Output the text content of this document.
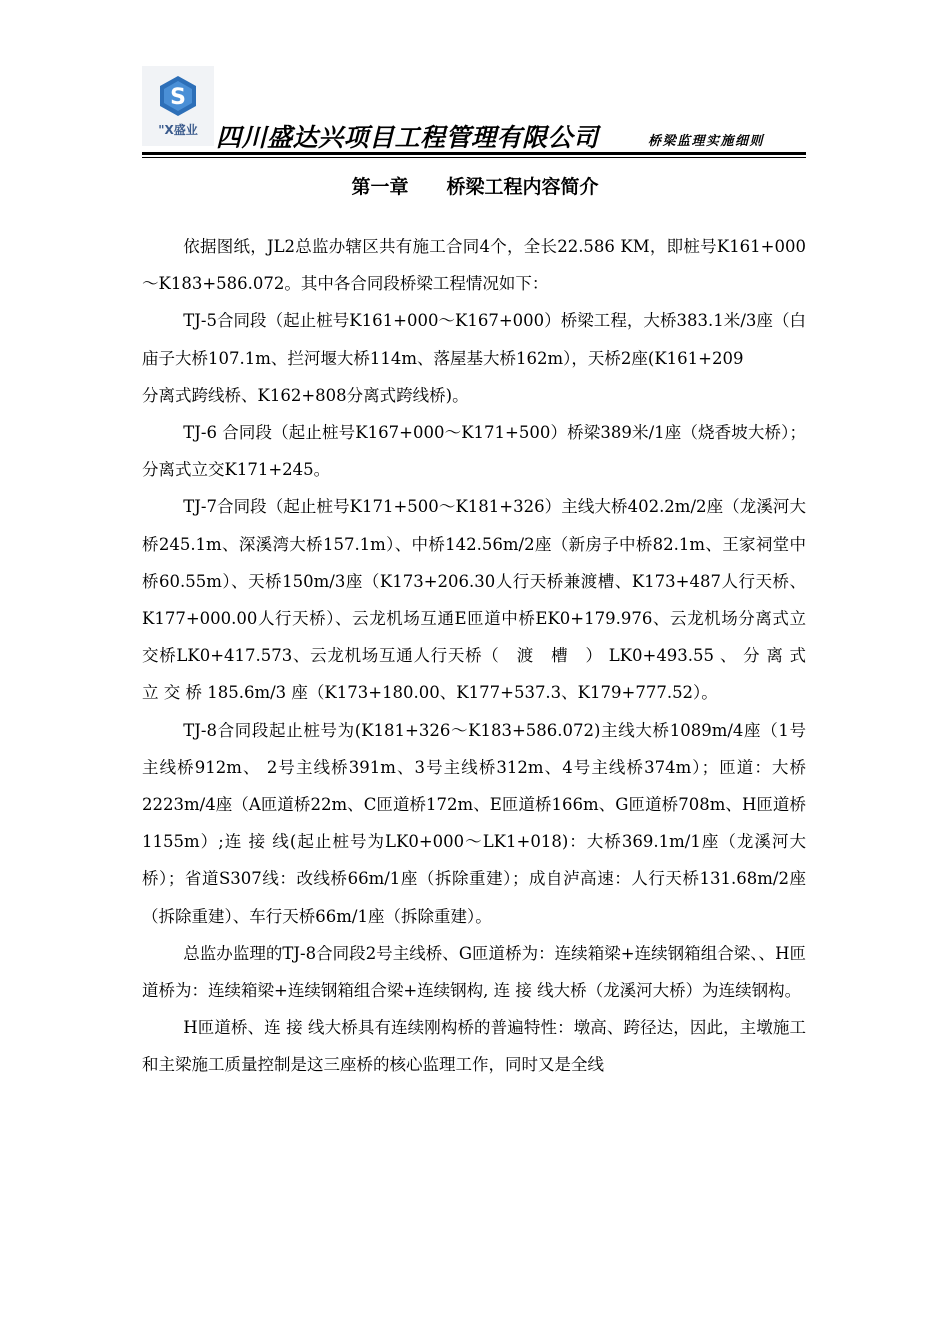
S
"X盛业 四川盛达兴项目工程管理有限公司	桥梁监理实施细则
第一章　　桥梁工程内容简介

依据图纸，JL2总监办辖区共有施工合同4个，全长22.586 KM，即桩号K161+000～K183+586.072。其中各合同段桥梁工程情况如下：

TJ-5合同段（起止桩号K161+000～K167+000）桥梁工程，大桥383.1米/3座（白庙子大桥107.1m、拦河堰大桥114m、落屋基大桥162m），天桥2座(K161+209

分离式跨线桥、K162+808分离式跨线桥)。

TJ-6 合同段（起止桩号K167+000～K171+500）桥梁389米/1座（烧香坡大桥）；分离式立交K171+245。

TJ-7合同段（起止桩号K171+500～K181+326）主线大桥402.2m/2座（龙溪河大桥245.1m、深溪湾大桥157.1m）、中桥142.56m/2座（新房子中桥82.1m、王家祠堂中桥60.55m）、天桥150m/3座（K173+206.30人行天桥兼渡槽、K173+487人行天桥、K177+000.00人行天桥）、云龙机场互通E匝道中桥EK0+179.976、云龙机场分离式立交桥LK0+417.573、云龙机场互通人行天桥（　渡　槽　） LK0+493.55 、 分 离 式 立 交 桥 185.6m/3 座（K173+180.00、K177+537.3、K179+777.52）。

TJ-8合同段起止桩号为(K181+326～K183+586.072)主线大桥1089m/4座（1号主线桥912m、 2号主线桥391m、3号主线桥312m、4号主线桥374m）；匝道：大桥2223m/4座（A匝道桥22m、C匝道桥172m、E匝道桥166m、G匝道桥708m、H匝道桥1155m）;连 接 线(起止桩号为LK0+000～LK1+018)：大桥369.1m/1座（龙溪河大桥）；省道S307线：改线桥66m/1座（拆除重建）；成自泸高速：人行天桥131.68m/2座（拆除重建）、车行天桥66m/1座（拆除重建）。

总监办监理的TJ-8合同段2号主线桥、G匝道桥为：连续箱梁+连续钢箱组合梁、、H匝道桥为：连续箱梁+连续钢箱组合梁+连续钢构, 连 接 线大桥（龙溪河大桥）为连续钢构。

H匝道桥、连 接 线大桥具有连续刚构桥的普遍特性：墩高、跨径达，因此，主墩施工和主梁施工质量控制是这三座桥的核心监理工作，同时又是全线
